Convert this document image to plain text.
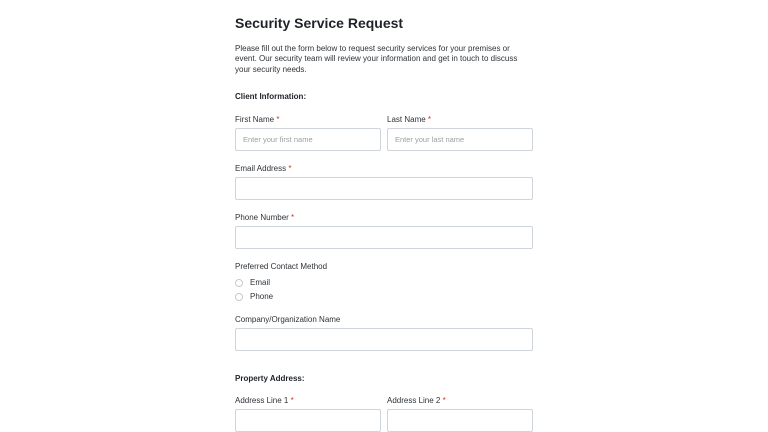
Security Service Request
Please fill out the form below to request security services for your premises or event. Our security team will review your information and get in touch to discuss your security needs.
Client Information:
First Name *	Last Name *
Enter your first name
Enter your last name
Email Address *
Phone Number *
Preferred Contact Method
Email
Phone
Company/Organization Name
Property Address:
Address Line 1 *	Address Line 2 *
